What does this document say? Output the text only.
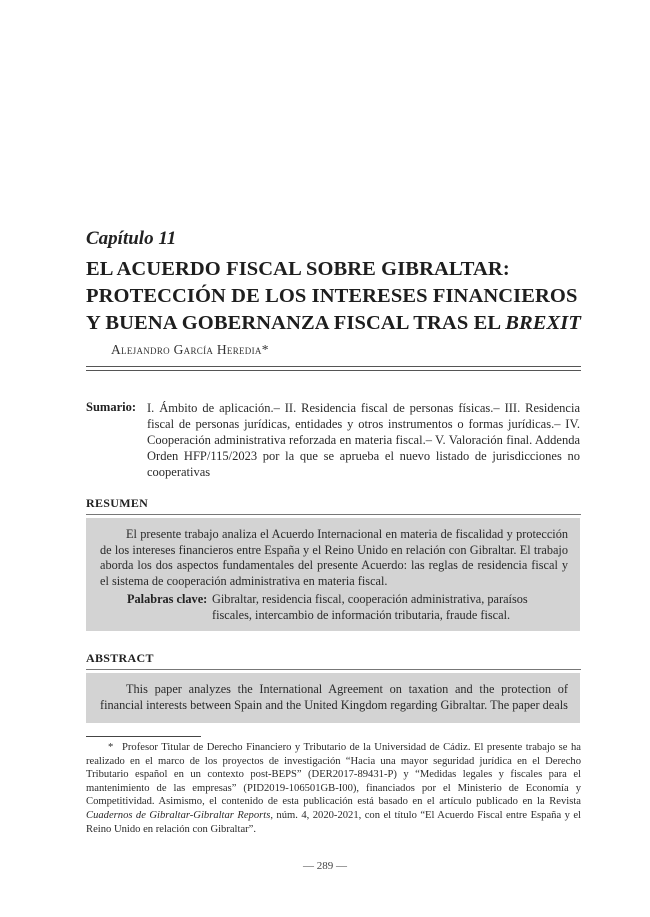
Capítulo 11
EL ACUERDO FISCAL SOBRE GIBRALTAR:
PROTECCIÓN DE LOS INTERESES FINANCIEROS
Y BUENA GOBERNANZA FISCAL TRAS EL BREXIT
Alejandro García Heredia*
Sumario: I. Ámbito de aplicación.– II. Residencia fiscal de personas físicas.– III. Residencia fiscal de personas jurídicas, entidades y otros instrumentos o formas jurídicas.– IV. Cooperación administrativa reforzada en materia fiscal.– V. Valoración final. Addenda Orden HFP/115/2023 por la que se aprueba el nuevo listado de jurisdicciones no cooperativas
RESUMEN
El presente trabajo analiza el Acuerdo Internacional en materia de fiscalidad y protección de los intereses financieros entre España y el Reino Unido en relación con Gibraltar. El trabajo aborda los dos aspectos fundamentales del presente Acuerdo: las reglas de residencia fiscal y el sistema de cooperación administrativa en materia fiscal.
Palabras clave: Gibraltar, residencia fiscal, cooperación administrativa, paraísos fiscales, intercambio de información tributaria, fraude fiscal.
ABSTRACT
This paper analyzes the International Agreement on taxation and the protection of financial interests between Spain and the United Kingdom regarding Gibraltar. The paper deals
* Profesor Titular de Derecho Financiero y Tributario de la Universidad de Cádiz. El presente trabajo se ha realizado en el marco de los proyectos de investigación “Hacia una mayor seguridad jurídica en el Derecho Tributario español en un contexto post-BEPS” (DER2017-89431-P) y “Medidas legales y fiscales para el mantenimiento de las empresas” (PID2019-106501GB-I00), financiados por el Ministerio de Economía y Competitividad. Asimismo, el contenido de esta publicación está basado en el artículo publicado en la Revista Cuadernos de Gibraltar-Gibraltar Reports, núm. 4, 2020-2021, con el título “El Acuerdo Fiscal entre España y el Reino Unido en relación con Gibraltar”.
— 289 —
